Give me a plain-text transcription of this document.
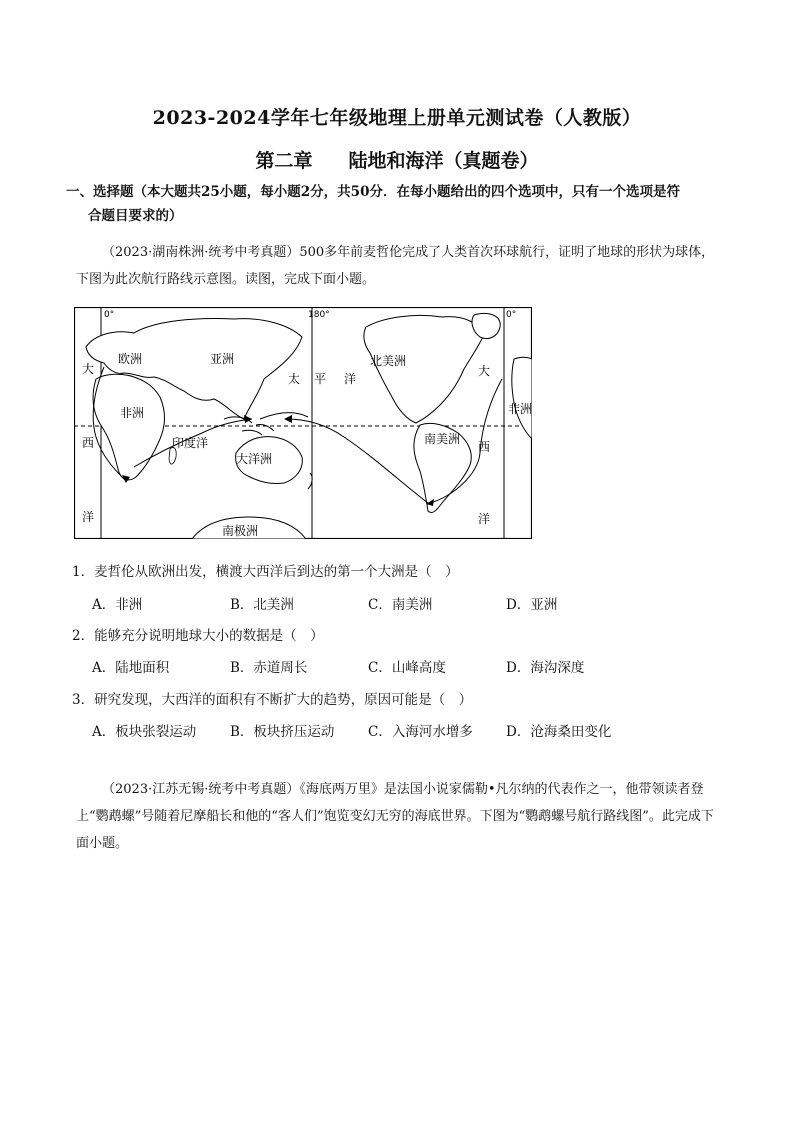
2023-2024学年七年级地理上册单元测试卷（人教版）
第二章 陆地和海洋（真题卷）
一、选择题（本大题共25小题，每小题2分，共50分．在每小题给出的四个选项中，只有一个选项是符
合题目要求的）
（2023·湖南株洲·统考中考真题）500多年前麦哲伦完成了人类首次环球航行，证明了地球的形状为球体，下图为此次航行路线示意图。读图，完成下面小题。
0°	180°	0°
欧洲	亚洲
非洲
印度洋
大洋洲
南极洲
太 平 洋
北美洲
南美洲
大
西
洋
大
西
洋
非洲
1．麦哲伦从欧洲出发，横渡大西洋后到达的第一个大洲是（　）
A．非洲	B．北美洲	C．南美洲	D．亚洲
2．能够充分说明地球大小的数据是（　）
A．陆地面积	B．赤道周长	C．山峰高度	D．海沟深度
3．研究发现，大西洋的面积有不断扩大的趋势，原因可能是（　）
A．板块张裂运动	B．板块挤压运动 C．入海河水增多 D．沧海桑田变化
（2023·江苏无锡·统考中考真题）《海底两万里》是法国小说家儒勒•凡尔纳的代表作之一，他带领读者登上“鹦鹉螺”号随着尼摩船长和他的“客人们”饱览变幻无穷的海底世界。下图为“鹦鹉螺号航行路线图”。此完成下面小题。
